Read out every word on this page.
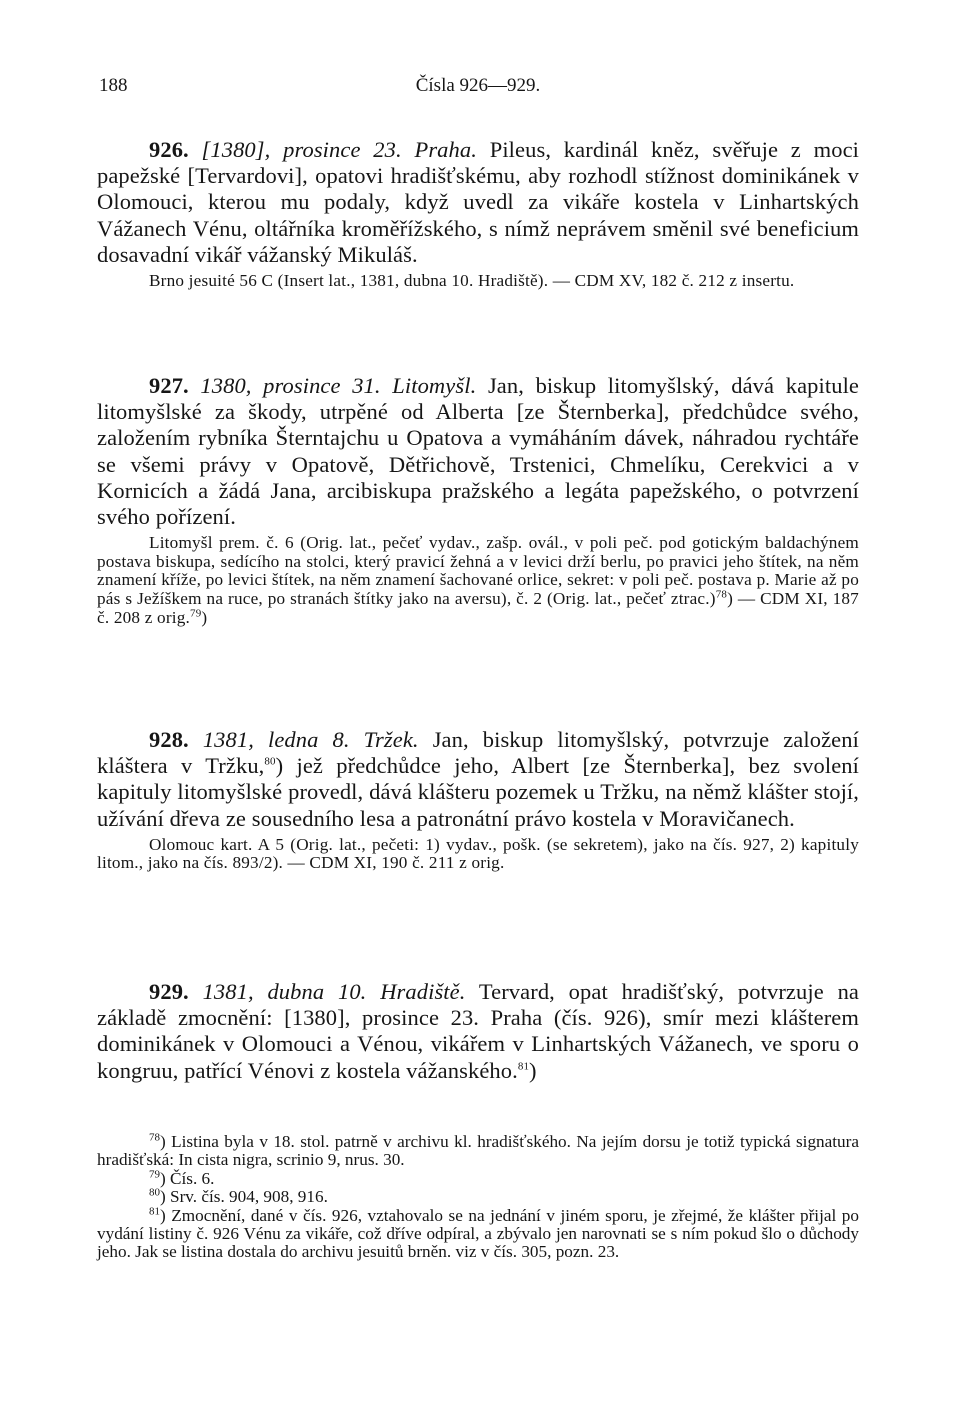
188	Čísla 926—929.

926. [1380], prosince 23. Praha. Pileus, kardinál kněz, svěřuje z moci papežské [Tervardovi], opatovi hradišťskému, aby rozhodl stížnost dominikánek v Olomouci, kterou mu podaly, když uvedl za vikáře kostela v Linhartských Vážanech Vénu, oltářníka kroměřížského, s nímž neprávem směnil své beneficium dosavadní vikář vážanský Mikuláš.

Brno jesuité 56 C (Insert lat., 1381, dubna 10. Hradiště). — CDM XV, 182 č. 212 z insertu.

927. 1380, prosince 31. Litomyšl. Jan, biskup litomyšlský, dává kapitule litomyšlské za škody, utrpěné od Alberta [ze Šternberka], předchůdce svého, založením rybníka Šterntajchu u Opatova a vymáháním dávek, náhradou rychtáře se všemi právy v Opatově, Dětřichově, Trstenici, Chmelíku, Cerekvici a v Kornicích a žádá Jana, arcibiskupa pražského a legáta papežského, o potvrzení svého pořízení.

Litomyšl prem. č. 6 (Orig. lat., pečeť vydav., zašp. ovál., v poli peč. pod gotickým baldachýnem postava biskupa, sedícího na stolci, který pravicí žehná a v levici drží berlu, po pravici jeho štítek, na něm znamení kříže, po levici štítek, na něm znamení šachované orlice, sekret: v poli peč. postava p. Marie až po pás s Ježíškem na ruce, po stranách štítky jako na aversu), č. 2 (Orig. lat., pečeť ztrac.)$^{78}$) — CDM XI, 187 č. 208 z orig.$^{79}$)

928. 1381, ledna 8. Tržek. Jan, biskup litomyšlský, potvrzuje založení kláštera v Tržku,$^{80}$) jež předchůdce jeho, Albert [ze Šternberka], bez svolení kapituly litomyšlské provedl, dává klášteru pozemek u Tržku, na němž klášter stojí, užívání dřeva ze sousedního lesa a patronátní právo kostela v Moravičanech.

Olomouc kart. A 5 (Orig. lat., pečeti: 1) vydav., pošk. (se sekretem), jako na čís. 927, 2) kapituly litom., jako na čís. 893/2). — CDM XI, 190 č. 211 z orig.

929. 1381, dubna 10. Hradiště. Tervard, opat hradišťský, potvrzuje na základě zmocnění: [1380], prosince 23. Praha (čís. 926), smír mezi klášterem dominikánek v Olomouci a Vénou, vikářem v Linhartských Vážanech, ve sporu o kongruu, patřící Vénovi z kostela vážanského.$^{81}$)

$^{78}$) Listina byla v 18. stol. patrně v archivu kl. hradišťského. Na jejím dorsu je totiž typická signatura hradišťská: In cista nigra, scrinio 9, nrus. 30.

$^{79}$) Čís. 6.

$^{80}$) Srv. čís. 904, 908, 916.

$^{81}$) Zmocnění, dané v čís. 926, vztahovalo se na jednání v jiném sporu, je zřejmé, že klášter přijal po vydání listiny č. 926 Vénu za vikáře, což dříve odpíral, a zbývalo jen narovnati se s ním pokud šlo o důchody jeho. Jak se listina dostala do archivu jesuitů brněn. viz v čís. 305, pozn. 23.
